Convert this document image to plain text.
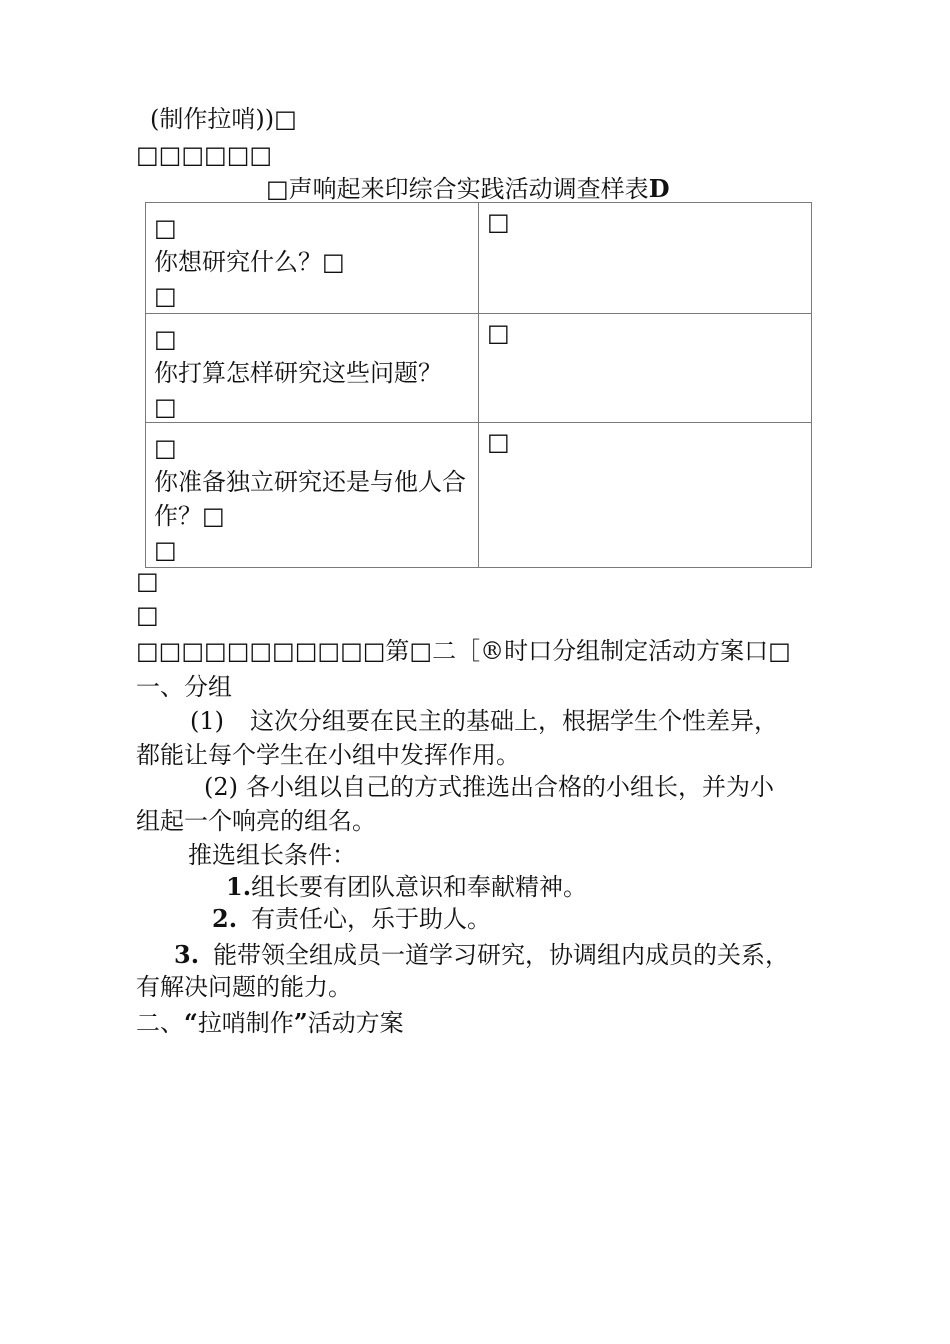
(制作拉哨))□
□□□□□□
□声响起来印综合实践活动调查样表D
□
你想研究什么？□
□	□

□
你打算怎样研究这些问题？
□	□

□
你准备独立研究还是与他人合作？□
□	□
□
□
□□□□□□□□□□□第□二［®时口分组制定活动方案口□
一、分组
(1) 这次分组要在民主的基础上，根据学生个性差异，
都能让每个学生在小组中发挥作用。
(2) 各小组以自己的方式推选出合格的小组长，并为小
组起一个响亮的组名。
推选组长条件：
1.组长要有团队意识和奉献精神。
2. 有责任心，乐于助人。
3. 能带领全组成员一道学习研究，协调组内成员的关系，
有解决问题的能力。
二、“拉哨制作”活动方案
